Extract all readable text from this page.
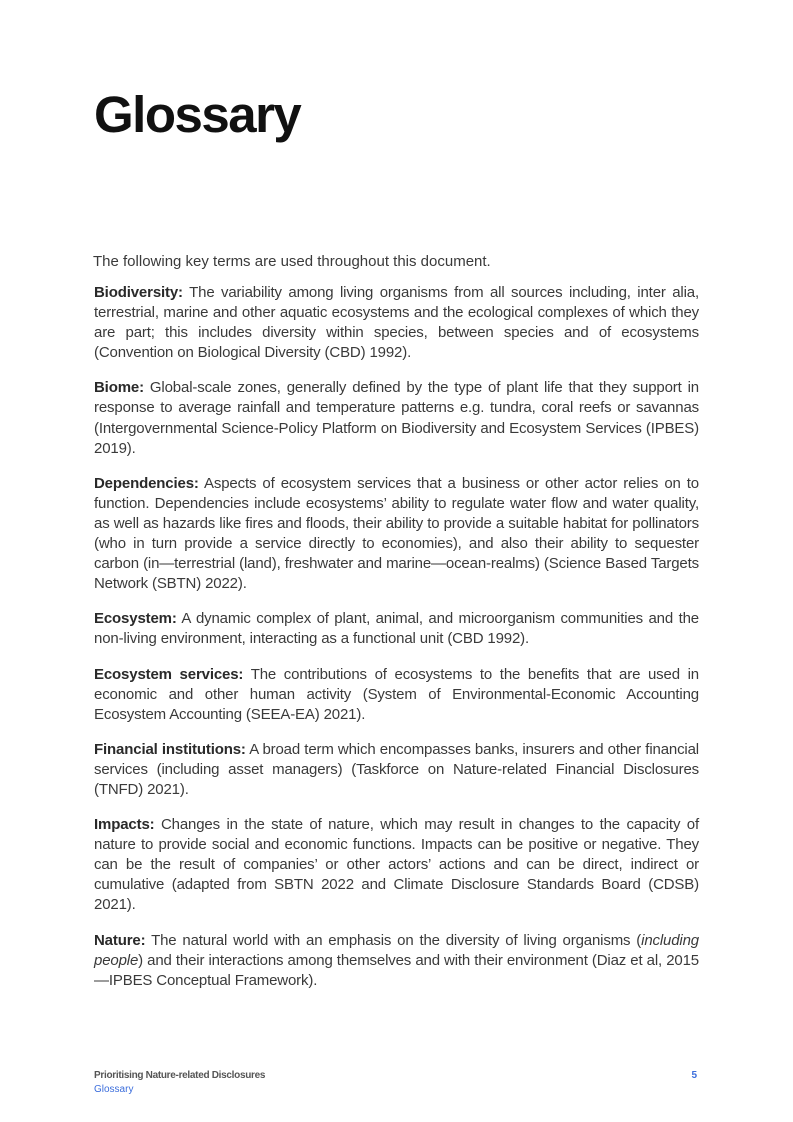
Glossary

The following key terms are used throughout this document.

Biodiversity: The variability among living organisms from all sources including, inter alia, terrestrial, marine and other aquatic ecosystems and the ecological complexes of which they are part; this includes diversity within species, between species and of ecosystems (Convention on Biological Diversity (CBD) 1992).

Biome: Global-scale zones, generally defined by the type of plant life that they support in response to average rainfall and temperature patterns e.g. tundra, coral reefs or savannas (Intergovernmental Science-Policy Platform on Biodiversity and Ecosystem Services (IPBES) 2019).

Dependencies: Aspects of ecosystem services that a business or other actor relies on to function. Dependencies include ecosystems’ ability to regulate water flow and water quality, as well as hazards like fires and floods, their ability to provide a suitable habitat for pollinators (who in turn provide a service directly to economies), and also their ability to sequester carbon (in—terrestrial (land), freshwater and marine—ocean-realms) (Science Based Targets Network (SBTN) 2022).

Ecosystem: A dynamic complex of plant, animal, and microorganism communities and the non-living environment, interacting as a functional unit (CBD 1992).

Ecosystem services: The contributions of ecosystems to the benefits that are used in economic and other human activity (System of Environmental-Economic Accounting Ecosystem Accounting (SEEA-EA) 2021).

Financial institutions: A broad term which encompasses banks, insurers and other financial services (including asset managers) (Taskforce on Nature-related Financial Disclosures (TNFD) 2021).

Impacts: Changes in the state of nature, which may result in changes to the capacity of nature to provide social and economic functions. Impacts can be positive or negative. They can be the result of companies’ or other actors’ actions and can be direct, indirect or cumulative (adapted from SBTN 2022 and Climate Disclosure Standards Board (CDSB) 2021).

Nature: The natural world with an emphasis on the diversity of living organisms (including people) and their interactions among themselves and with their environment (Diaz et al, 2015—IPBES Conceptual Framework).

Prioritising Nature-related Disclosures
Glossary
5
